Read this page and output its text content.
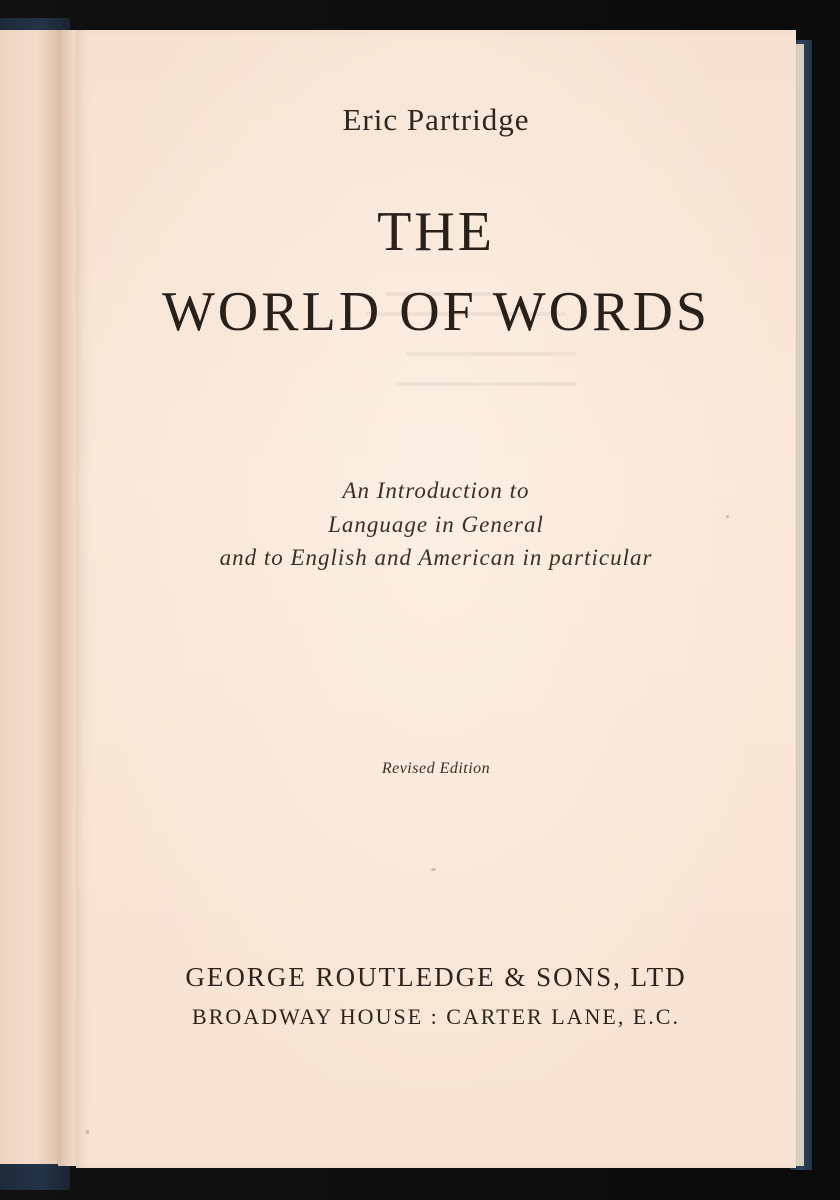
Eric Partridge
THE
WORLD OF WORDS
An Introduction to
Language in General
and to English and American in particular
Revised Edition
GEORGE ROUTLEDGE & SONS, LTD
BROADWAY HOUSE : CARTER LANE, E.C.
